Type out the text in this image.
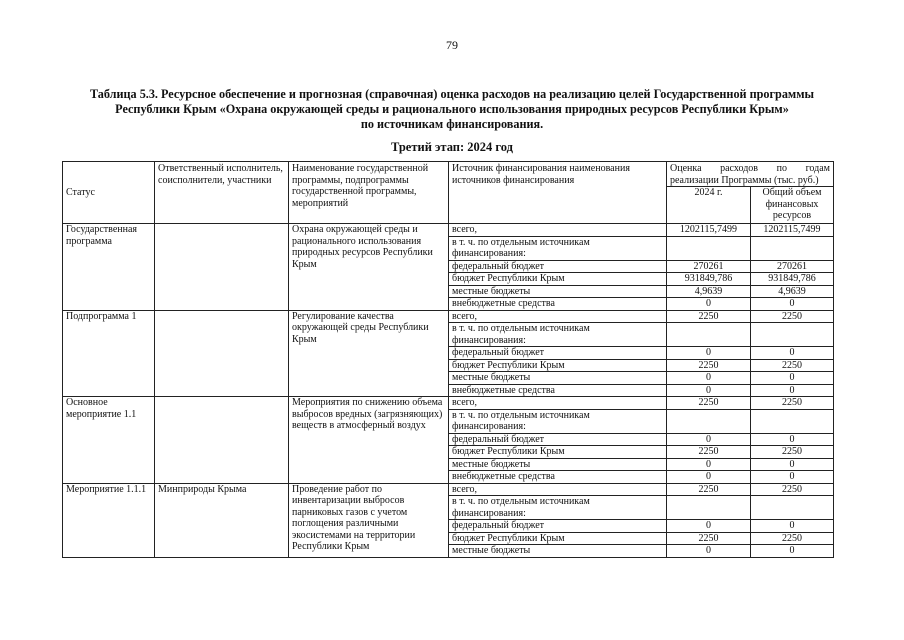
79
Таблица 5.3. Ресурсное обеспечение и прогнозная (справочная) оценка расходов на реализацию целей Государственной программы
Республики Крым «Охрана окружающей среды и рационального использования природных ресурсов Республики Крым»
по источникам финансирования.
Третий этап: 2024 год
Статус	Ответственный исполнитель, соисполнители, участники	Наименование государственной программы, подпрограммы государственной программы, мероприятий	Источник финансирования наименования источников финансирования	Оценка расходов по годам реализации Программы (тыс. руб.)	
				2024 г.	Общий объем финансовых ресурсов
Государственная программа		Охрана окружающей среды и рационального использования природных ресурсов Республики Крым	всего,	1202115,7499	1202115,7499
			в т. ч. по отдельным источникам финансирования:		
			федеральный бюджет	270261	270261
			бюджет Республики Крым	931849,786	931849,786
			местные бюджеты	4,9639	4,9639
			внебюджетные средства	0	0
Подпрограмма 1		Регулирование качества окружающей среды Республики Крым	всего,	2250	2250
			в т. ч. по отдельным источникам финансирования:		
			федеральный бюджет	0	0
			бюджет Республики Крым	2250	2250
			местные бюджеты	0	0
			внебюджетные средства	0	0
Основное мероприятие 1.1		Мероприятия по снижению объема выбросов вредных (загрязняющих) веществ в атмосферный воздух	всего,	2250	2250
			в т. ч. по отдельным источникам финансирования:		
			федеральный бюджет	0	0
			бюджет Республики Крым	2250	2250
			местные бюджеты	0	0
			внебюджетные средства	0	0
Мероприятие 1.1.1	Минприроды Крыма	Проведение работ по инвентаризации выбросов парниковых газов с учетом поглощения различными экосистемами на территории Республики Крым	всего,	2250	2250
			в т. ч. по отдельным источникам финансирования:		
			федеральный бюджет	0	0
			бюджет Республики Крым	2250	2250
			местные бюджеты	0	0
